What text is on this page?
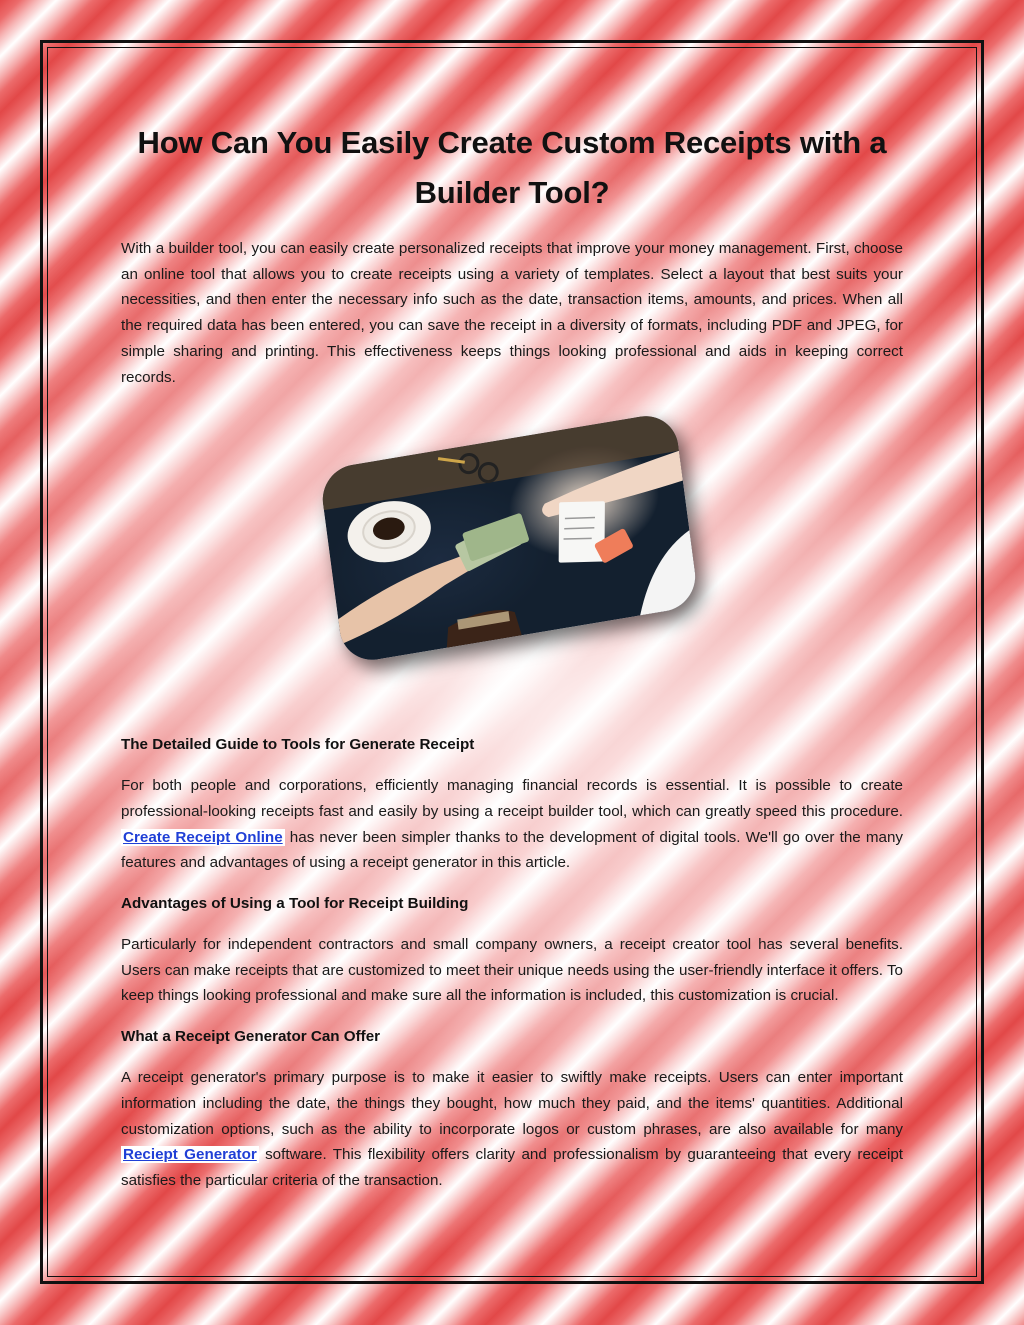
How Can You Easily Create Custom Receipts with a Builder Tool?

With a builder tool, you can easily create personalized receipts that improve your money management. First, choose an online tool that allows you to create receipts using a variety of templates. Select a layout that best suits your necessities, and then enter the necessary info such as the date, transaction items, amounts, and prices. When all the required data has been entered, you can save the receipt in a diversity of formats, including PDF and JPEG, for simple sharing and printing. This effectiveness keeps things looking professional and aids in keeping correct records.

The Detailed Guide to Tools for Generate Receipt

For both people and corporations, efficiently managing financial records is essential. It is possible to create professional-looking receipts fast and easily by using a receipt builder tool, which can greatly speed this procedure. Create Receipt Online has never been simpler thanks to the development of digital tools. We'll go over the many features and advantages of using a receipt generator in this article.

Advantages of Using a Tool for Receipt Building

Particularly for independent contractors and small company owners, a receipt creator tool has several benefits. Users can make receipts that are customized to meet their unique needs using the user-friendly interface it offers. To keep things looking professional and make sure all the information is included, this customization is crucial.

What a Receipt Generator Can Offer

A receipt generator's primary purpose is to make it easier to swiftly make receipts. Users can enter important information including the date, the things they bought, how much they paid, and the items' quantities. Additional customization options, such as the ability to incorporate logos or custom phrases, are also available for many Reciept Generator software. This flexibility offers clarity and professionalism by guaranteeing that every receipt satisfies the particular criteria of the transaction.
